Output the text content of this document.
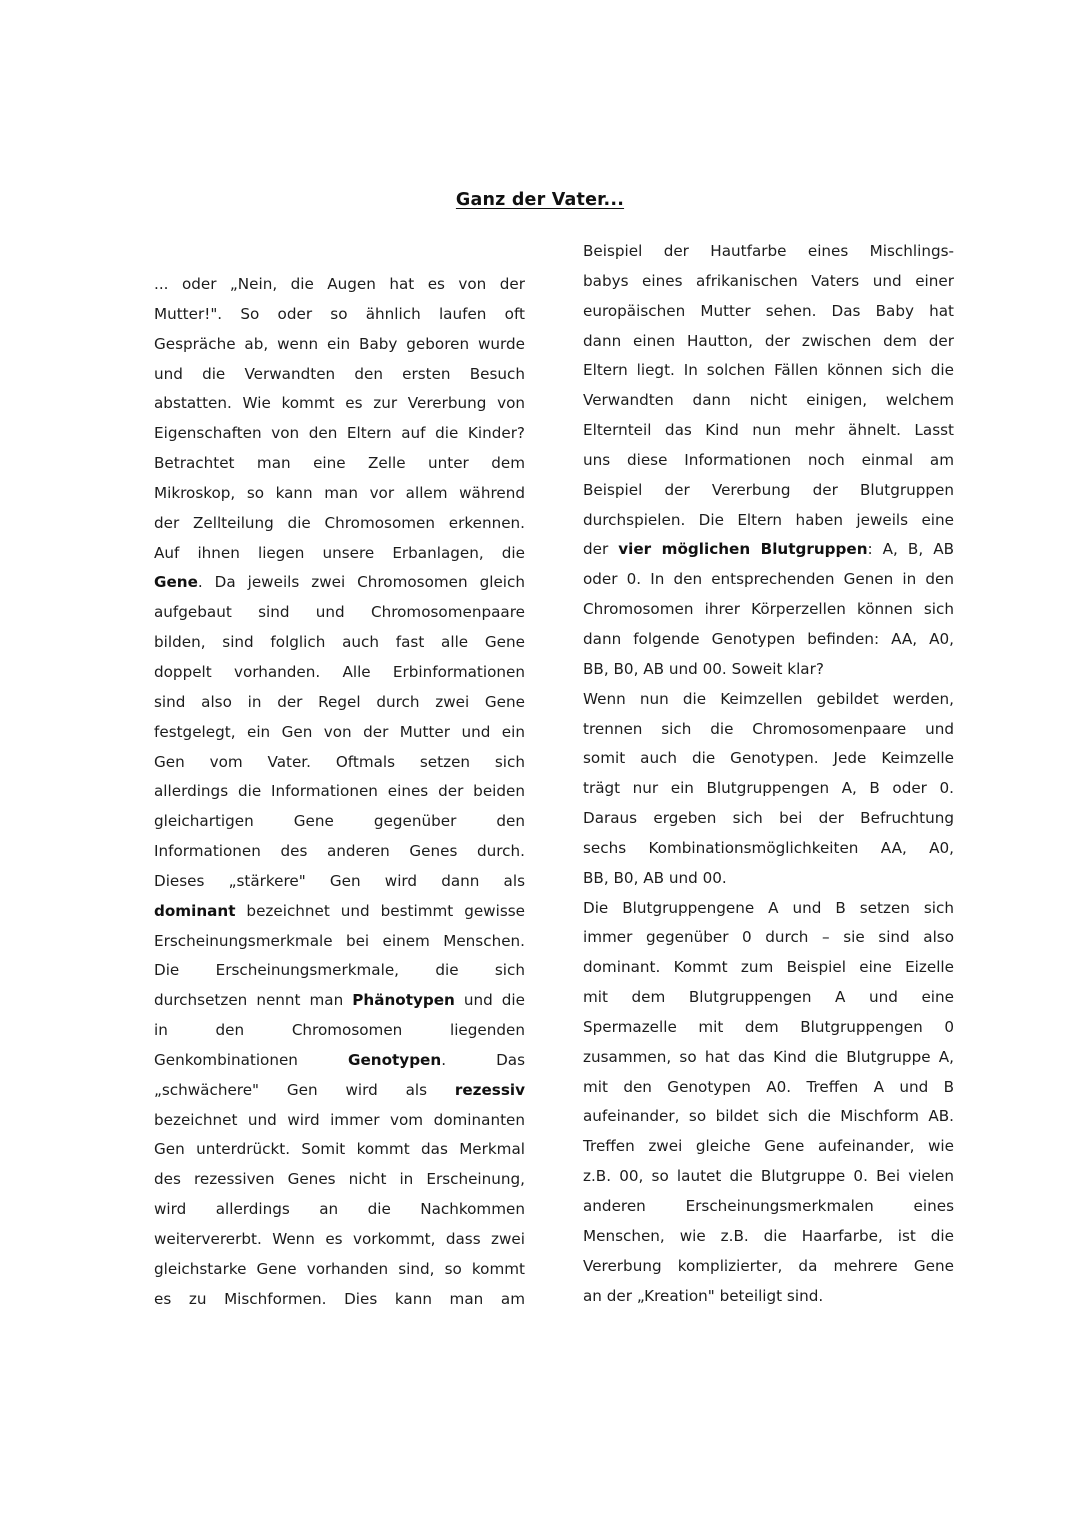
Ganz der Vater...
... oder „Nein, die Augen hat es von der
Mutter!". So oder so ähnlich laufen oft
Gespräche ab, wenn ein Baby geboren wurde
und die Verwandten den ersten Besuch
abstatten. Wie kommt es zur Vererbung von
Eigenschaften von den Eltern auf die Kinder?
Betrachtet man eine Zelle unter dem
Mikroskop, so kann man vor allem während
der Zellteilung die Chromosomen erkennen.
Auf ihnen liegen unsere Erbanlagen, die
Gene. Da jeweils zwei Chromosomen gleich
aufgebaut sind und Chromosomenpaare
bilden, sind folglich auch fast alle Gene
doppelt vorhanden. Alle Erbinformationen
sind also in der Regel durch zwei Gene
festgelegt, ein Gen von der Mutter und ein
Gen vom Vater. Oftmals setzen sich
allerdings die Informationen eines der beiden
gleichartigen Gene gegenüber den
Informationen des anderen Genes durch.
Dieses „stärkere" Gen wird dann als
dominant bezeichnet und bestimmt gewisse
Erscheinungsmerkmale bei einem Menschen.
Die Erscheinungsmerkmale, die sich
durchsetzen nennt man Phänotypen und die
in den Chromosomen liegenden
Genkombinationen Genotypen. Das
„schwächere" Gen wird als rezessiv
bezeichnet und wird immer vom dominanten
Gen unterdrückt. Somit kommt das Merkmal
des rezessiven Genes nicht in Erscheinung,
wird allerdings an die Nachkommen
weitervererbt. Wenn es vorkommt, dass zwei
gleichstarke Gene vorhanden sind, so kommt
es zu Mischformen. Dies kann man am
Beispiel der Hautfarbe eines Mischlings-
babys eines afrikanischen Vaters und einer
europäischen Mutter sehen. Das Baby hat
dann einen Hautton, der zwischen dem der
Eltern liegt. In solchen Fällen können sich die
Verwandten dann nicht einigen, welchem
Elternteil das Kind nun mehr ähnelt. Lasst
uns diese Informationen noch einmal am
Beispiel der Vererbung der Blutgruppen
durchspielen. Die Eltern haben jeweils eine
der vier möglichen Blutgruppen: A, B, AB
oder 0. In den entsprechenden Genen in den
Chromosomen ihrer Körperzellen können sich
dann folgende Genotypen befinden: AA, A0,
BB, B0, AB und 00. Soweit klar?
Wenn nun die Keimzellen gebildet werden,
trennen sich die Chromosomenpaare und
somit auch die Genotypen. Jede Keimzelle
trägt nur ein Blutgruppengen A, B oder 0.
Daraus ergeben sich bei der Befruchtung
sechs Kombinationsmöglichkeiten AA, A0,
BB, B0, AB und 00.
Die Blutgruppengene A und B setzen sich
immer gegenüber 0 durch – sie sind also
dominant. Kommt zum Beispiel eine Eizelle
mit dem Blutgruppengen A und eine
Spermazelle mit dem Blutgruppengen 0
zusammen, so hat das Kind die Blutgruppe A,
mit den Genotypen A0. Treffen A und B
aufeinander, so bildet sich die Mischform AB.
Treffen zwei gleiche Gene aufeinander, wie
z.B. 00, so lautet die Blutgruppe 0. Bei vielen
anderen Erscheinungsmerkmalen eines
Menschen, wie z.B. die Haarfarbe, ist die
Vererbung komplizierter, da mehrere Gene
an der „Kreation" beteiligt sind.
